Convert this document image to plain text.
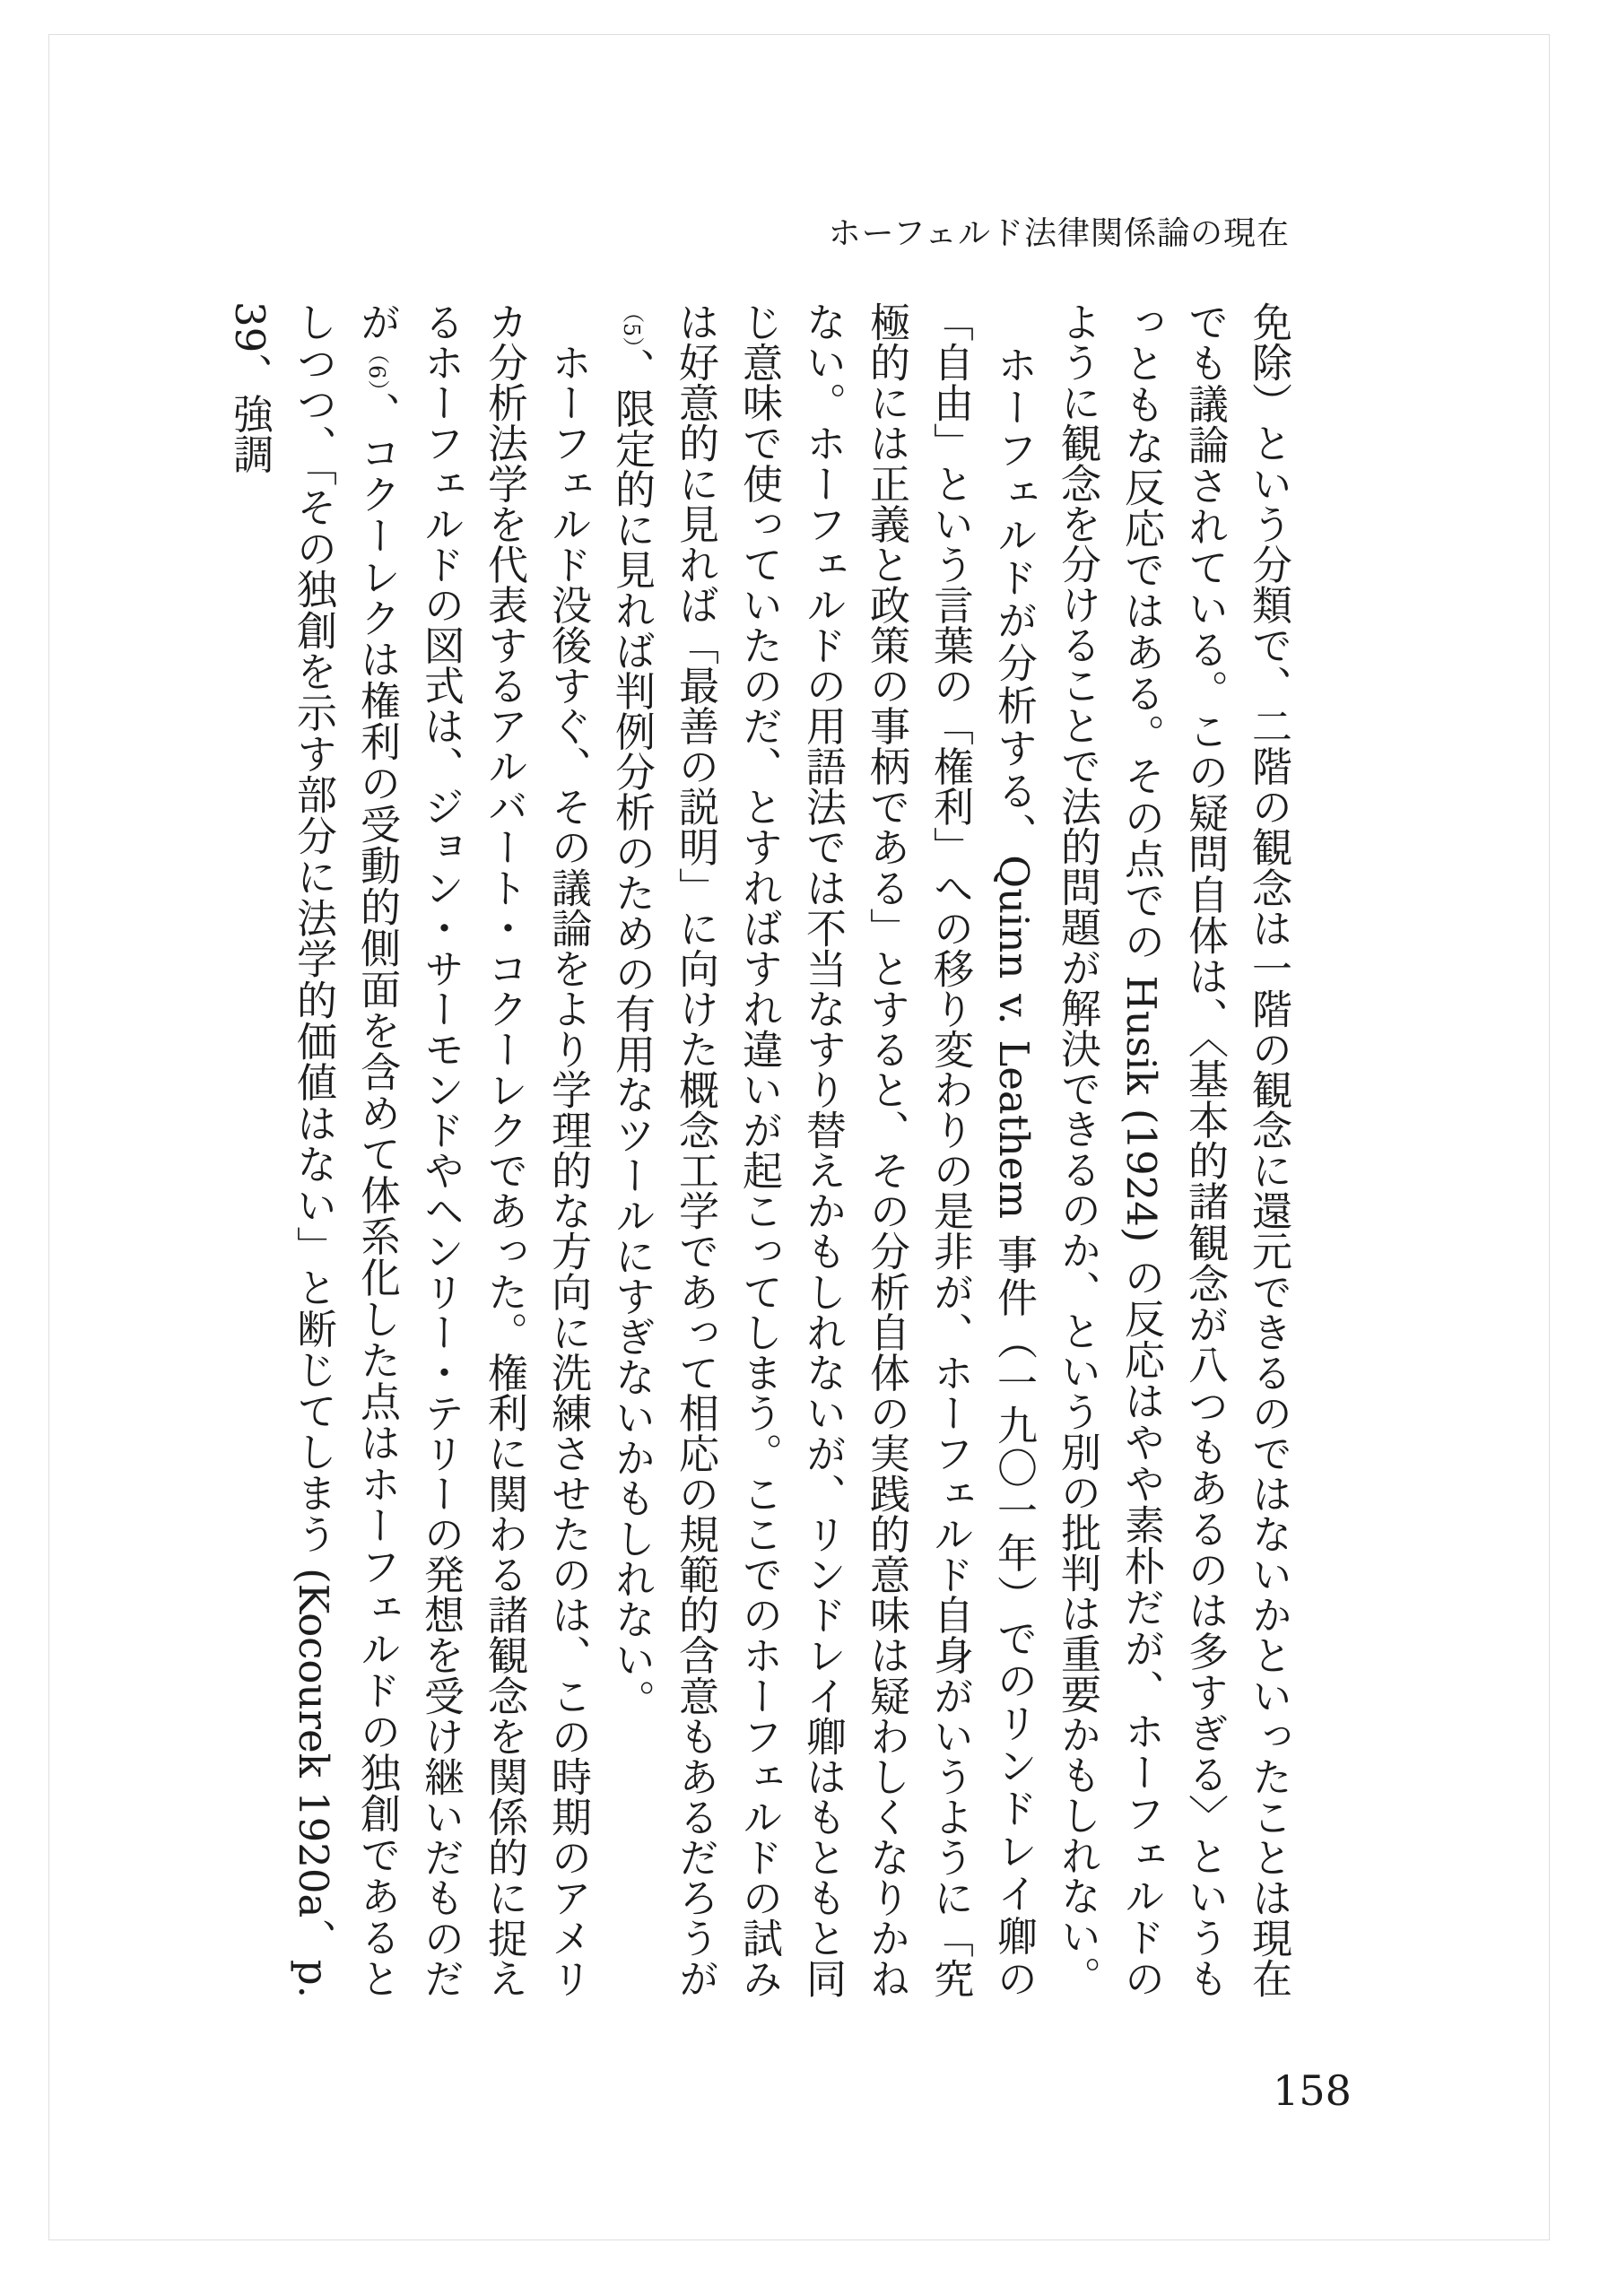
ホーフェルド法律関係論の現在

免除）という分類で、二階の観念は一階の観念に還元できるのではないかといったことは現在でも議論されている。この疑問自体は、〈基本的諸観念が八つもあるのは多すぎる〉というもっともな反応ではある。その点での Husik (1924) の反応はやや素朴だが、ホーフェルドのように観念を分けることで法的問題が解決できるのか、という別の批判は重要かもしれない。

　ホーフェルドが分析する、Quinn v. Leathem 事件（一九〇一年）でのリンドレイ卿の「自由」という言葉の「権利」への移り変わりの是非が、ホーフェルド自身がいうように「究極的には正義と政策の事柄である」とすると、その分析自体の実践的意味は疑わしくなりかねない。ホーフェルドの用語法では不当なすり替えかもしれないが、リンドレイ卿はもともと同じ意味で使っていたのだ、とすればすれ違いが起こってしまう。ここでのホーフェルドの試みは好意的に見れば「最善の説明」に向けた概念工学であって相応の規範的含意もあるだろうが（5）、限定的に見れば判例分析のための有用なツールにすぎないかもしれない。

　ホーフェルド没後すぐ、その議論をより学理的な方向に洗練させたのは、この時期のアメリカ分析法学を代表するアルバート・コクーレクであった。権利に関わる諸観念を関係的に捉えるホーフェルドの図式は、ジョン・サーモンドやヘンリー・テリーの発想を受け継いだものだが（6）、コクーレクは権利の受動的側面を含めて体系化した点はホーフェルドの独創であるとしつつ、「その独創を示す部分に法学的価値はない」と断じてしまう (Kocourek 1920a、p. 39、強調

158
